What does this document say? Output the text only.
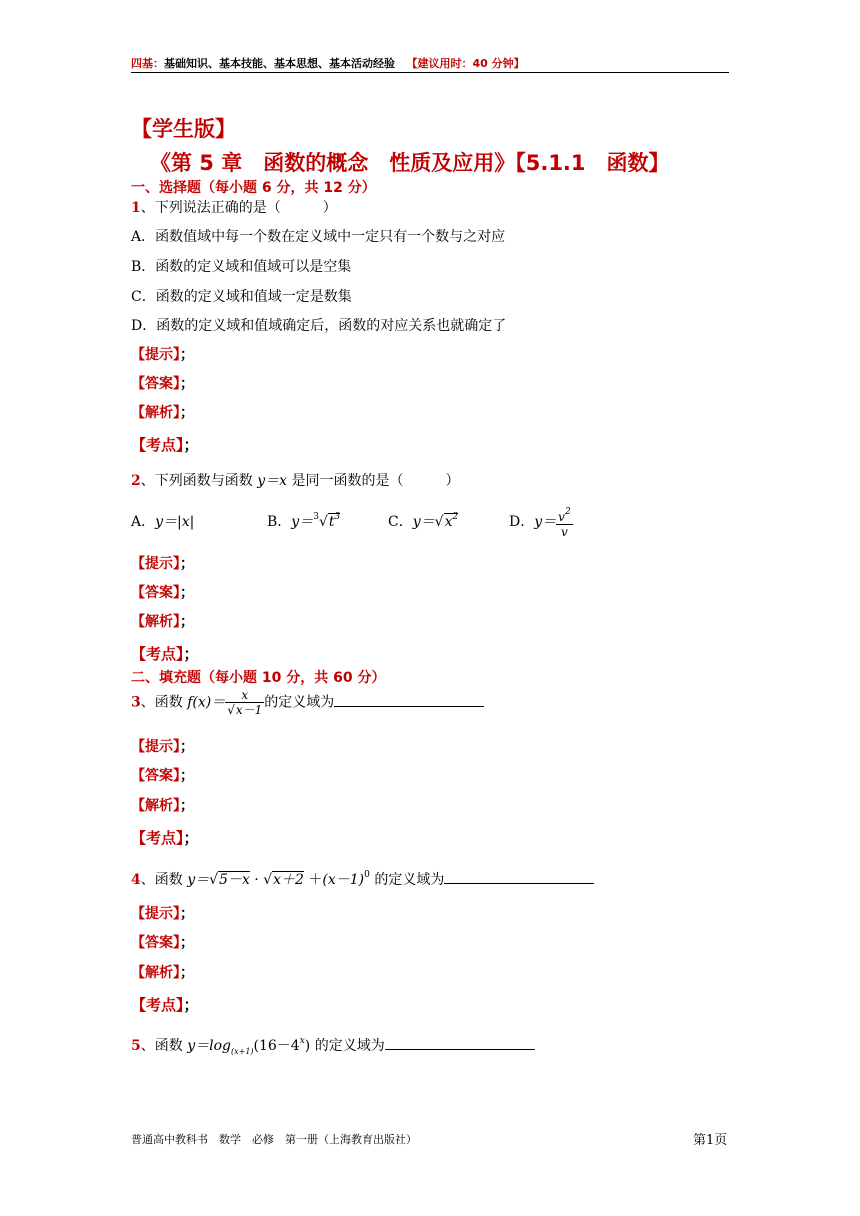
四基：基础知识、基本技能、基本思想、基本活动经验 【建议用时：40 分钟】
【学生版】
《第 5 章　函数的概念　性质及应用》【5.1.1　函数】
一、选择题（每小题 6 分，共 12 分）
1、下列说法正确的是（　　　）
A．函数值域中每一个数在定义域中一定只有一个数与之对应
B．函数的定义域和值域可以是空集
C．函数的定义域和值域一定是数集
D．函数的定义域和值域确定后，函数的对应关系也就确定了
【提示】；
【答案】；
【解析】；
【考点】；
2、下列函数与函数 y＝x 是同一函数的是（　　　）
A．y＝|x|	B．$y=^3√t^3$	C．$y=√x^2$	D．$y= \frac{v^2}{v}$
【提示】；
【答案】；
【解析】；
【考点】；
二、填充题（每小题 10 分，共 60 分）
3、函数 $f(x)= \frac{x}{√x-1}$ 的定义域为
【提示】；
【答案】；
【解析】；
【考点】；
4、函数 $y=√5-x \cdot √x+2 +(x-1)^0$ 的定义域为
【提示】；
【答案】；
【解析】；
【考点】；
5、函数 $y=\log_{(x+1)}(16-4^x)$ 的定义域为
普通高中教科书　数学　必修　第一册（上海教育出版社）	第1页
